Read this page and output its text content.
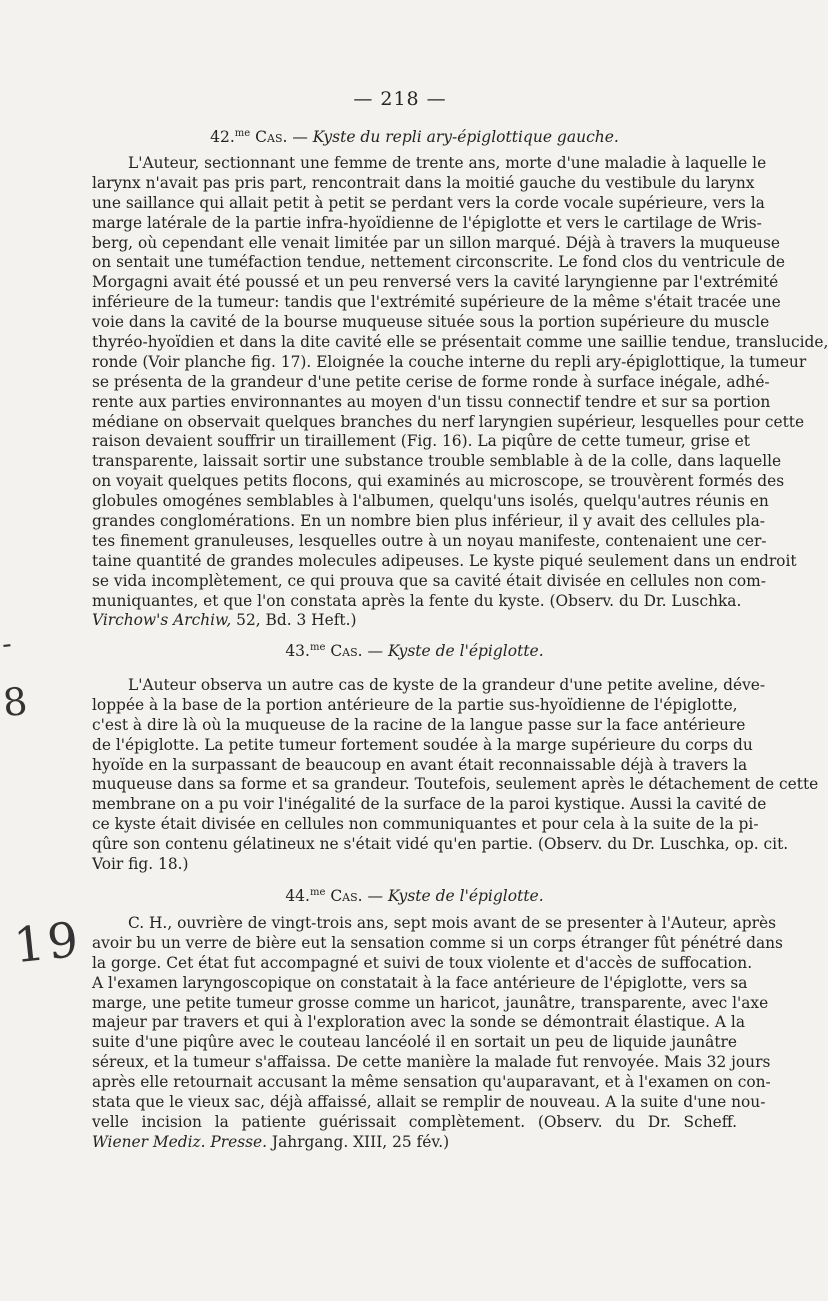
— 218 —
-
8
19
42.$^{me}$ Cas. — Kyste du repli ary-épiglottique gauche.
L'Auteur, sectionnant une femme de trente ans, morte d'une maladie à laquelle le
larynx n'avait pas pris part, rencontrait dans la moitié gauche du vestibule du larynx
une saillance qui allait petit à petit se perdant vers la corde vocale supérieure, vers la
marge latérale de la partie infra-hyoïdienne de l'épiglotte et vers le cartilage de Wris-
berg, où cependant elle venait limitée par un sillon marqué. Déjà à travers la muqueuse
on sentait une tuméfaction tendue, nettement circonscrite. Le fond clos du ventricule de
Morgagni avait été poussé et un peu renversé vers la cavité laryngienne par l'extrémité
inférieure de la tumeur: tandis que l'extrémité supérieure de la même s'était tracée une
voie dans la cavité de la bourse muqueuse située sous la portion supérieure du muscle
thyréo-hyoïdien et dans la dite cavité elle se présentait comme une saillie tendue, translucide,
ronde (Voir planche fig. 17). Eloignée la couche interne du repli ary-épiglottique, la tumeur
se présenta de la grandeur d'une petite cerise de forme ronde à surface inégale, adhé-
rente aux parties environnantes au moyen d'un tissu connectif tendre et sur sa portion
médiane on observait quelques branches du nerf laryngien supérieur, lesquelles pour cette
raison devaient souffrir un tiraillement (Fig. 16). La piqûre de cette tumeur, grise et
transparente, laissait sortir une substance trouble semblable à de la colle, dans laquelle
on voyait quelques petits flocons, qui examinés au microscope, se trouvèrent formés des
globules omogénes semblables à l'albumen, quelqu'uns isolés, quelqu'autres réunis en
grandes conglomérations. En un nombre bien plus inférieur, il y avait des cellules pla-
tes finement granuleuses, lesquelles outre à un noyau manifeste, contenaient une cer-
taine quantité de grandes molecules adipeuses. Le kyste piqué seulement dans un endroit
se vida incomplètement, ce qui prouva que sa cavité était divisée en cellules non com-
muniquantes, et que l'on constata après la fente du kyste. (Observ. du Dr. Luschka.
Virchow's Archiw, 52, Bd. 3 Heft.)
43.$^{me}$ Cas. — Kyste de l'épiglotte.
L'Auteur observa un autre cas de kyste de la grandeur d'une petite aveline, déve-
loppée à la base de la portion antérieure de la partie sus-hyoïdienne de l'épiglotte,
c'est à dire là où la muqueuse de la racine de la langue passe sur la face antérieure
de l'épiglotte. La petite tumeur fortement soudée à la marge supérieure du corps du
hyoïde en la surpassant de beaucoup en avant était reconnaissable déjà à travers la
muqueuse dans sa forme et sa grandeur. Toutefois, seulement après le détachement de cette
membrane on a pu voir l'inégalité de la surface de la paroi kystique. Aussi la cavité de
ce kyste était divisée en cellules non communiquantes et pour cela à la suite de la pi-
qûre son contenu gélatineux ne s'était vidé qu'en partie. (Observ. du Dr. Luschka, op. cit.
Voir fig. 18.)
44.$^{me}$ Cas. — Kyste de l'épiglotte.
C. H., ouvrière de vingt-trois ans, sept mois avant de se presenter à l'Auteur, après
avoir bu un verre de bière eut la sensation comme si un corps étranger fût pénétré dans
la gorge. Cet état fut accompagné et suivi de toux violente et d'accès de suffocation.
A l'examen laryngoscopique on constatait à la face antérieure de l'épiglotte, vers sa
marge, une petite tumeur grosse comme un haricot, jaunâtre, transparente, avec l'axe
majeur par travers et qui à l'exploration avec la sonde se démontrait élastique. A la
suite d'une piqûre avec le couteau lancéolé il en sortait un peu de liquide jaunâtre
séreux, et la tumeur s'affaissa. De cette manière la malade fut renvoyée. Mais 32 jours
après elle retournait accusant la même sensation qu'auparavant, et à l'examen on con-
stata que le vieux sac, déjà affaissé, allait se remplir de nouveau. A la suite d'une nou-
velle incision la patiente guérissait complètement. (Observ. du Dr. Scheff.
Wiener Mediz. Presse. Jahrgang. XIII, 25 fév.)
